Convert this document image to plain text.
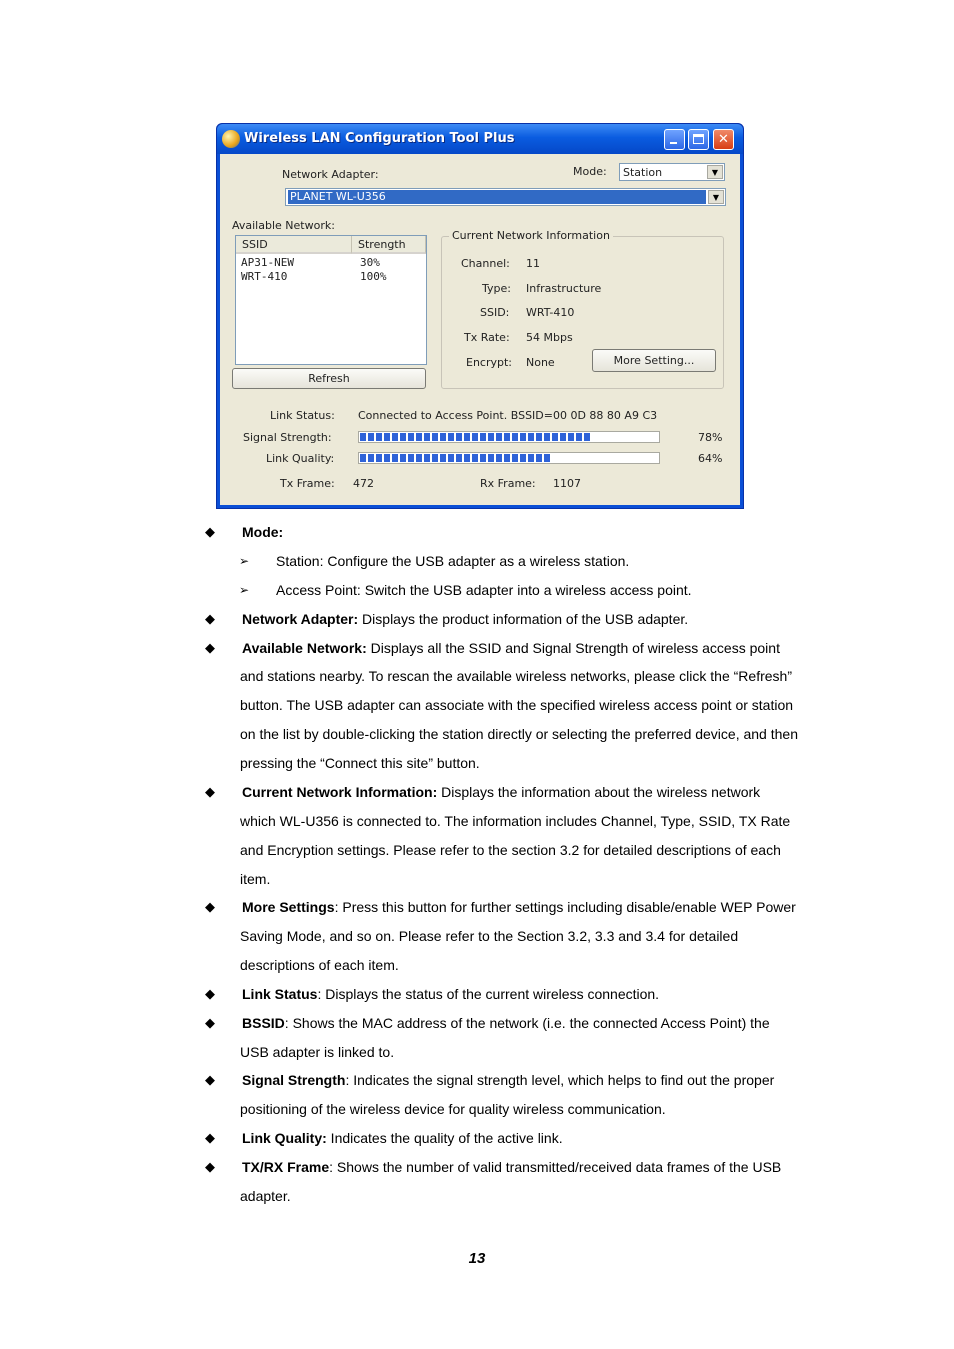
Wireless LAN Configuration Tool Plus	✕
Network Adapter:	Mode: Station	▼
PLANET WL-U356	▼
Available Network:
SSID	Strength
AP31-NEW	30%
WRT-410	100%
Refresh
Current Network Information
Channel: 11
Type: Infrastructure
SSID: WRT-410
Tx Rate: 54 Mbps
Encrypt: None	More Setting...
Link Status: Connected to Access Point. BSSID=00 0D 88 80 A9 C3
Signal Strength:	78%
Link Quality:	64%
Tx Frame: 472	Rx Frame: 1107
◆ Mode:
➢ Station: Configure the USB adapter as a wireless station.
➢ Access Point: Switch the USB adapter into a wireless access point.
◆ Network Adapter: Displays the product information of the USB adapter.
◆ Available Network: Displays all the SSID and Signal Strength of wireless access point
and stations nearby. To rescan the available wireless networks, please click the “Refresh”
button. The USB adapter can associate with the specified wireless access point or station
on the list by double-clicking the station directly or selecting the preferred device, and then
pressing the “Connect this site” button.
◆ Current Network Information: Displays the information about the wireless network
which WL-U356 is connected to. The information includes Channel, Type, SSID, TX Rate
and Encryption settings. Please refer to the section 3.2 for detailed descriptions of each
item.
◆ More Settings: Press this button for further settings including disable/enable WEP Power
Saving Mode, and so on. Please refer to the Section 3.2, 3.3 and 3.4 for detailed
descriptions of each item.
◆ Link Status: Displays the status of the current wireless connection.
◆ BSSID: Shows the MAC address of the network (i.e. the connected Access Point) the
USB adapter is linked to.
◆ Signal Strength: Indicates the signal strength level, which helps to find out the proper
positioning of the wireless device for quality wireless communication.
◆ Link Quality: Indicates the quality of the active link.
◆ TX/RX Frame: Shows the number of valid transmitted/received data frames of the USB
adapter.
13
